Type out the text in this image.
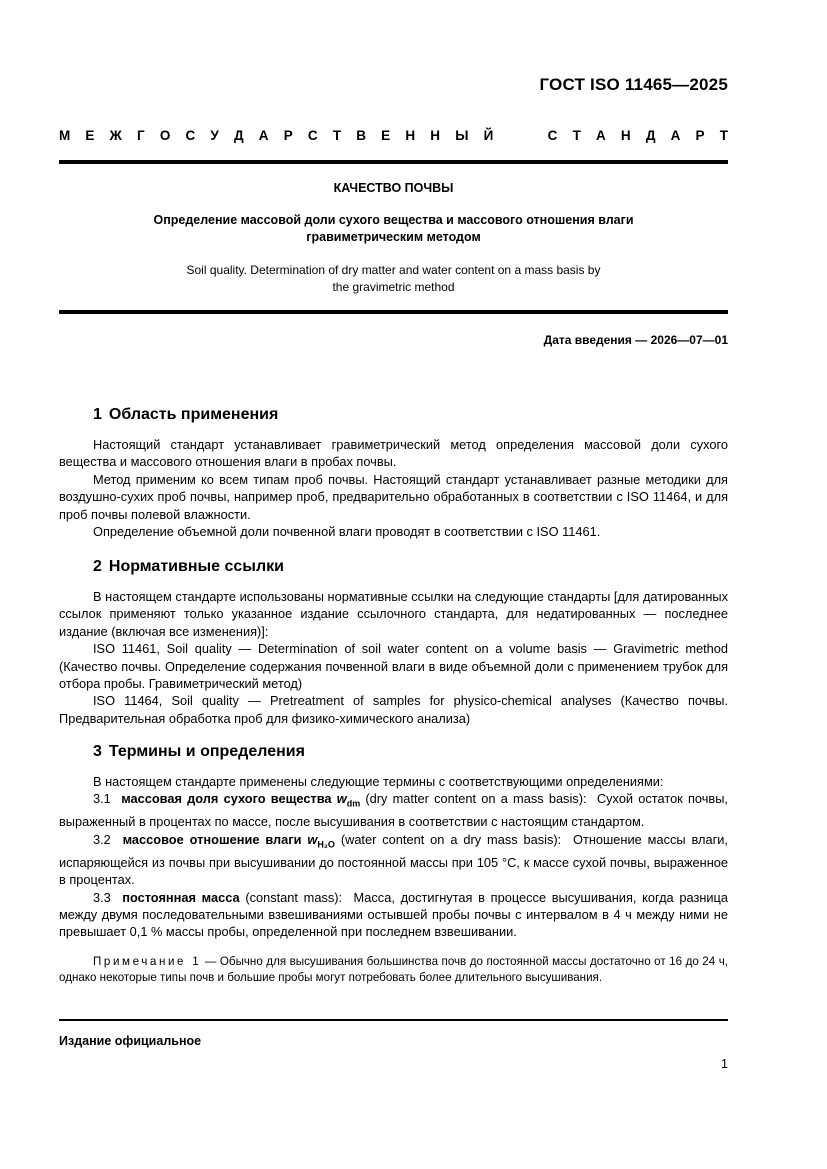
ГОСТ ISO 11465—2025
М Е Ж Г О С У Д А Р С Т В Е Н Н Ы Й	С Т А Н Д А Р Т
КАЧЕСТВО ПОЧВЫ
Определение массовой доли сухого вещества и массового отношения влаги
гравиметрическим методом
Soil quality. Determination of dry matter and water content on a mass basis by
the gravimetric method
Дата введения — 2026—07—01
1 Область применения

Настоящий стандарт устанавливает гравиметрический метод определения массовой доли сухого вещества и массового отношения влаги в пробах почвы.

Метод применим ко всем типам проб почвы. Настоящий стандарт устанавливает разные методики для воздушно-сухих проб почвы, например проб, предварительно обработанных в соответствии с ISO 11464, и для проб почвы полевой влажности.

Определение объемной доли почвенной влаги проводят в соответствии с ISO 11461.

2 Нормативные ссылки

В настоящем стандарте использованы нормативные ссылки на следующие стандарты [для датированных ссылок применяют только указанное издание ссылочного стандарта, для недатированных — последнее издание (включая все изменения)]:

ISO 11461, Soil quality — Determination of soil water content on a volume basis — Gravimetric method (Качество почвы. Определение содержания почвенной влаги в виде объемной доли с применением трубок для отбора пробы. Гравиметрический метод)

ISO 11464, Soil quality — Pretreatment of samples for physico-chemical analyses (Качество почвы. Предварительная обработка проб для физико-химического анализа)

3 Термины и определения

В настоящем стандарте применены следующие термины с соответствующими определениями:

3.1 массовая доля сухого вещества $w_{dm}$ (dry matter content on a mass basis): Сухой остаток почвы, выраженный в процентах по массе, после высушивания в соответствии с настоящим стандартом.

3.2 массовое отношение влаги $w_{H_2O}$ (water content on a dry mass basis): Отношение массы влаги, испаряющейся из почвы при высушивании до постоянной массы при 105 °С, к массе сухой почвы, выраженное в процентах.

3.3 постоянная масса (constant mass): Масса, достигнутая в процессе высушивания, когда разница между двумя последовательными взвешиваниями остывшей пробы почвы с интервалом в 4 ч между ними не превышает 0,1 % массы пробы, определенной при последнем взвешивании.

Примечание 1 — Обычно для высушивания большинства почв до постоянной массы достаточно от 16 до 24 ч, однако некоторые типы почв и большие пробы могут потребовать более длительного высушивания.
Издание официальное
1
